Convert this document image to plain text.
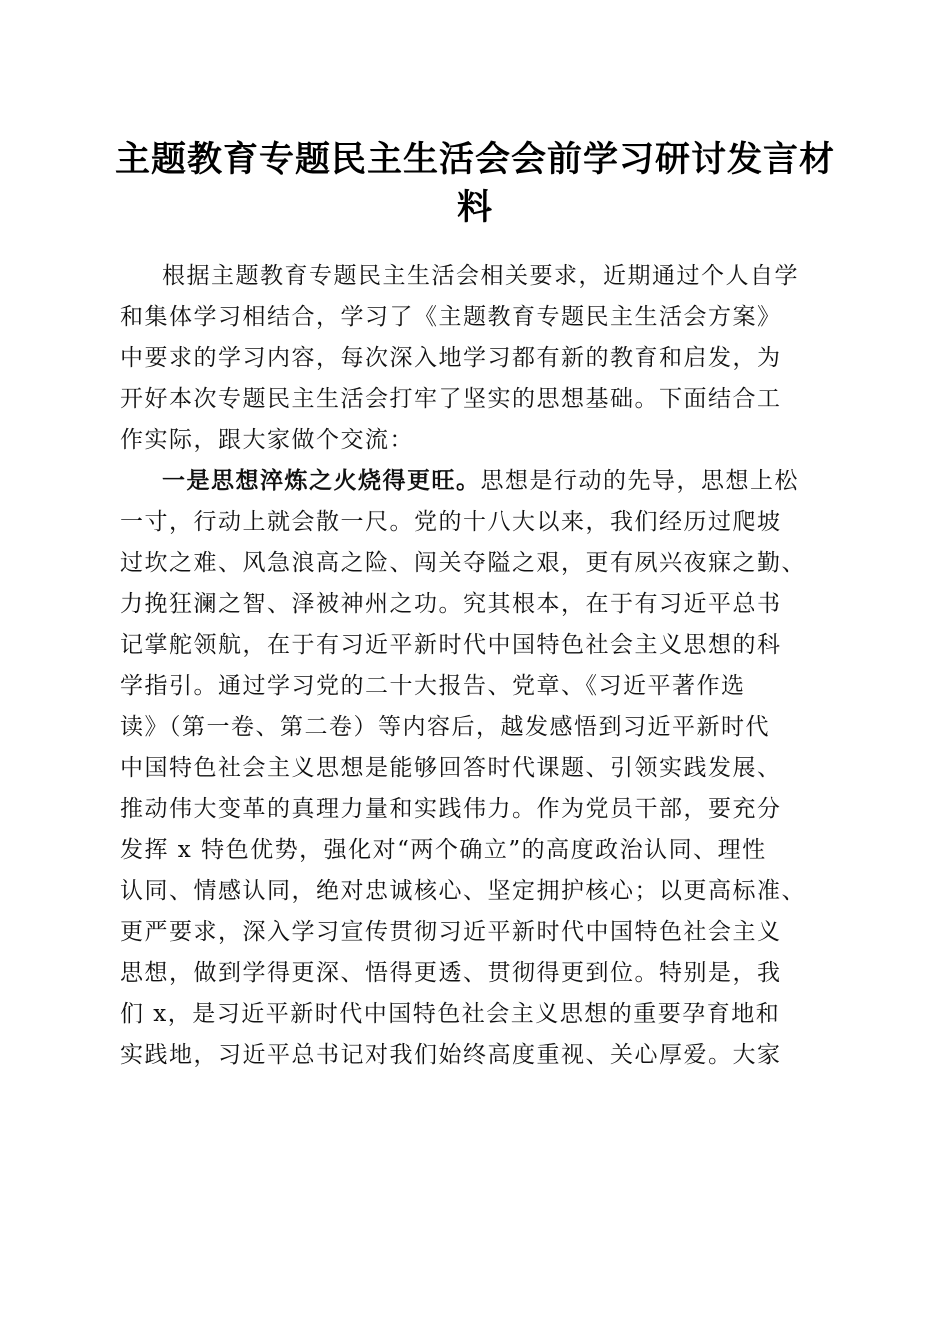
主题教育专题民主生活会会前学习研讨发言材
料
根据主题教育专题民主生活会相关要求，近期通过个人自学
和集体学习相结合，学习了《主题教育专题民主生活会方案》
中要求的学习内容，每次深入地学习都有新的教育和启发，为
开好本次专题民主生活会打牢了坚实的思想基础。下面结合工
作实际，跟大家做个交流：
一是思想淬炼之火烧得更旺。思想是行动的先导，思想上松
一寸，行动上就会散一尺。党的十八大以来，我们经历过爬坡
过坎之难、风急浪高之险、闯关夺隘之艰，更有夙兴夜寐之勤、
力挽狂澜之智、泽被神州之功。究其根本，在于有习近平总书
记掌舵领航，在于有习近平新时代中国特色社会主义思想的科
学指引。通过学习党的二十大报告、党章、《习近平著作选
读》（第一卷、第二卷）等内容后，越发感悟到习近平新时代
中国特色社会主义思想是能够回答时代课题、引领实践发展、
推动伟大变革的真理力量和实践伟力。作为党员干部，要充分
发挥 x 特色优势，强化对“两个确立”的高度政治认同、理性
认同、情感认同，绝对忠诚核心、坚定拥护核心；以更高标准、
更严要求，深入学习宣传贯彻习近平新时代中国特色社会主义
思想，做到学得更深、悟得更透、贯彻得更到位。特别是，我
们 x，是习近平新时代中国特色社会主义思想的重要孕育地和
实践地，习近平总书记对我们始终高度重视、关心厚爱。大家
